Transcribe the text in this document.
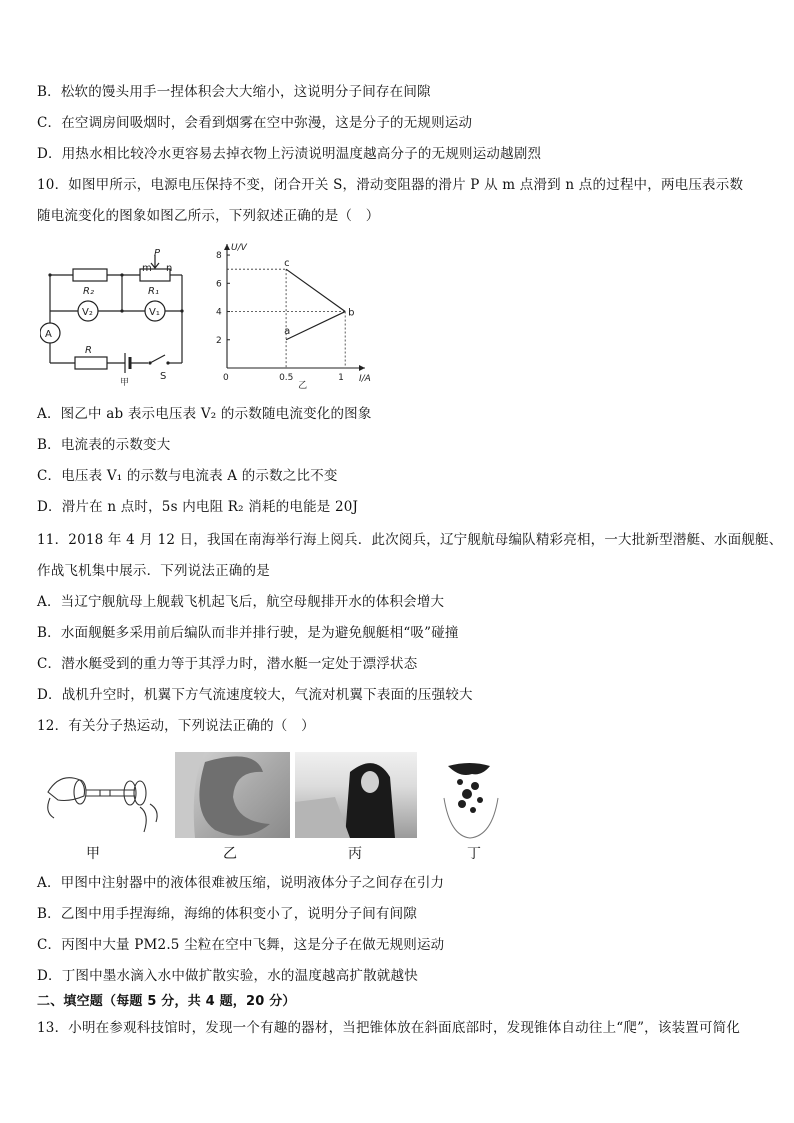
B．松软的馒头用手一捏体积会大大缩小，这说明分子间存在间隙
C．在空调房间吸烟时，会看到烟雾在空中弥漫，这是分子的无规则运动
D．用热水相比较冷水更容易去掉衣物上污渍说明温度越高分子的无规则运动越剧烈
10．如图甲所示，电源电压保持不变，闭合开关 S，滑动变阻器的滑片 P 从 m 点滑到 n 点的过程中，两电压表示数
随电流变化的图象如图乙所示，下列叙述正确的是（　）
R₂	R₁
V₂	V₁
A
R
S
P
m n
甲
U/V
I/A
2
4
6
8
0	0.5	1
c
a
b
乙
A．图乙中 ab 表示电压表 V₂ 的示数随电流变化的图象
B．电流表的示数变大
C．电压表 V₁ 的示数与电流表 A 的示数之比不变
D．滑片在 n 点时，5s 内电阻 R₂ 消耗的电能是 20J
11．2018 年 4 月 12 日，我国在南海举行海上阅兵．此次阅兵，辽宁舰航母编队精彩亮相，一大批新型潜艇、水面舰艇、
作战飞机集中展示．下列说法正确的是
A．当辽宁舰航母上舰载飞机起飞后，航空母舰排开水的体积会增大
B．水面舰艇多采用前后编队而非并排行驶，是为避免舰艇相“吸”碰撞
C．潜水艇受到的重力等于其浮力时，潜水艇一定处于漂浮状态
D．战机升空时，机翼下方气流速度较大，气流对机翼下表面的压强较大
12．有关分子热运动，下列说法正确的（　）
甲	乙	丙	丁
A．甲图中注射器中的液体很难被压缩，说明液体分子之间存在引力
B．乙图中用手捏海绵，海绵的体积变小了，说明分子间有间隙
C．丙图中大量 PM2.5 尘粒在空中飞舞，这是分子在做无规则运动
D．丁图中墨水滴入水中做扩散实验，水的温度越高扩散就越快
二、填空题（每题 5 分，共 4 题，20 分）
13．小明在参观科技馆时，发现一个有趣的器材，当把锥体放在斜面底部时，发现锥体自动往上“爬”，该装置可简化
